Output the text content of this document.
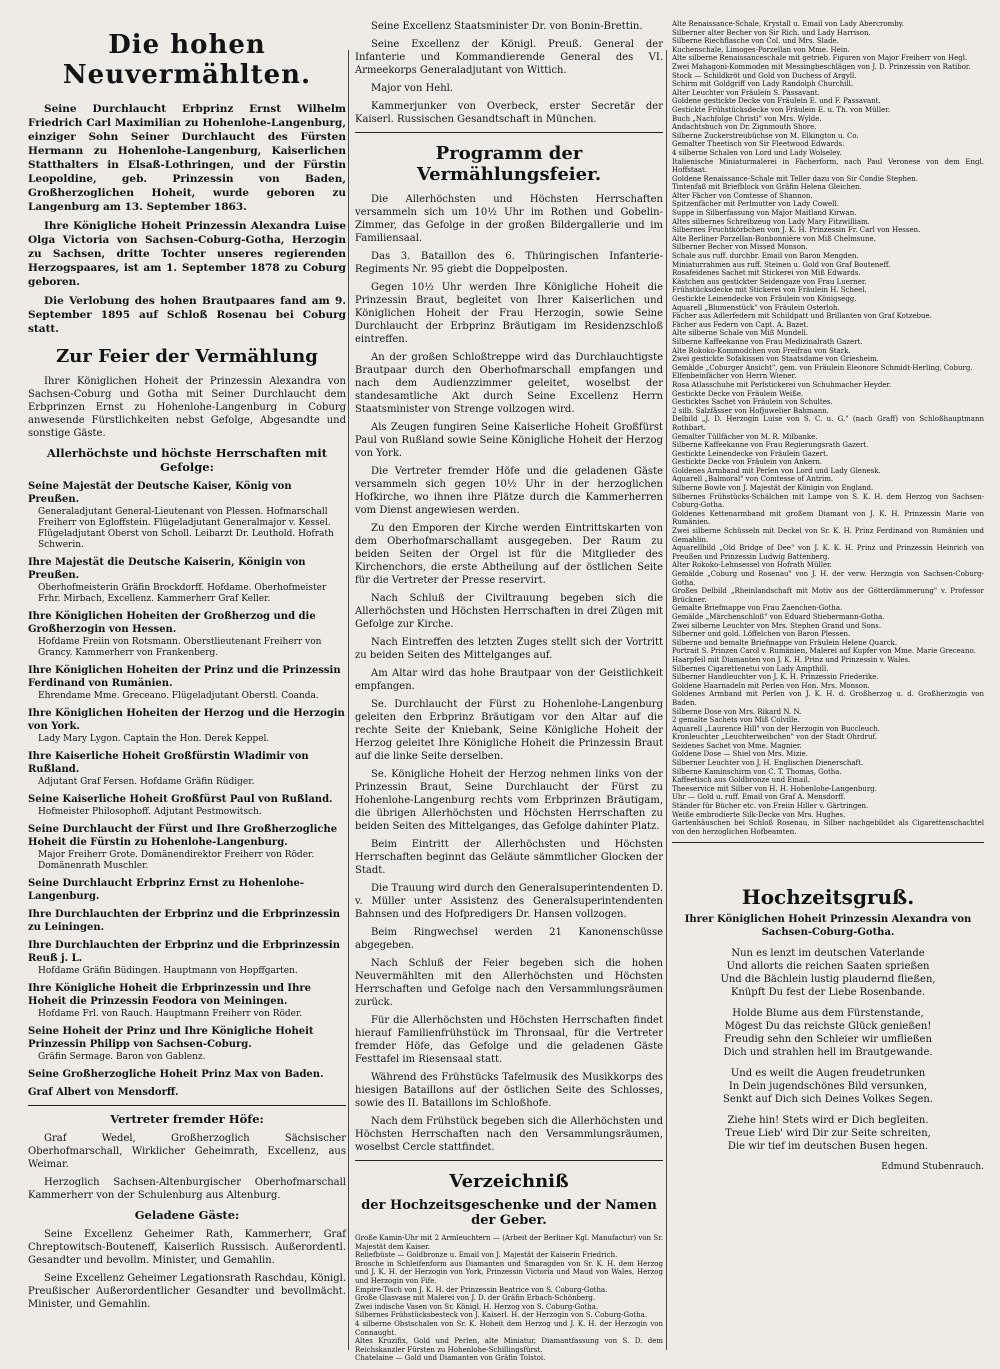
Die hohen Neuvermählten.

Seine Durchlaucht Erbprinz Ernst Wilhelm Friedrich Carl Maximilian zu Hohenlohe-Langenburg, einziger Sohn Seiner Durchlaucht des Fürsten Hermann zu Hohenlohe-Langenburg, Kaiserlichen Statthalters in Elsaß-Lothringen, und der Fürstin Leopoldine, geb. Prinzessin von Baden, Großherzoglichen Hoheit, wurde geboren zu Langenburg am 13. September 1863.

Ihre Königliche Hoheit Prinzessin Alexandra Luise Olga Victoria von Sachsen-Coburg-Gotha, Herzogin zu Sachsen, dritte Tochter unseres regierenden Herzogspaares, ist am 1. September 1878 zu Coburg geboren.

Die Verlobung des hohen Brautpaares fand am 9. September 1895 auf Schloß Rosenau bei Coburg statt.

Zur Feier der Vermählung

Ihrer Königlichen Hoheit der Prinzessin Alexandra von Sachsen-Coburg und Gotha mit Seiner Durchlaucht dem Erbprinzen Ernst zu Hohenlohe-Langenburg in Coburg anwesende Fürstlichkeiten nebst Gefolge, Abgesandte und sonstige Gäste.

Allerhöchste und höchste Herrschaften mit Gefolge:
Seine Majestät der Deutsche Kaiser, König von Preußen.
Generaladjutant General-Lieutenant von Plessen. Hofmarschall Freiherr von Egloffstein. Flügeladjutant Generalmajor v. Kessel. Flügeladjutant Oberst von Scholl. Leibarzt Dr. Leuthold. Hofrath Schwerin.
Ihre Majestät die Deutsche Kaiserin, Königin von Preußen.
Oberhofmeisterin Gräfin Brockdorff. Hofdame. Oberhofmeister Frhr. Mirbach, Excellenz. Kammerherr Graf Keller.
Ihre Königlichen Hoheiten der Großherzog und die Großherzogin von Hessen.
Hofdame Freiin von Rotsmann. Oberstlieutenant Freiherr von Grancy. Kammerherr von Frankenberg.
Ihre Königlichen Hoheiten der Prinz und die Prinzessin Ferdinand von Rumänien.
Ehrendame Mme. Greceano. Flügeladjutant Oberstl. Coanda.
Ihre Königlichen Hoheiten der Herzog und die Herzogin von York.
Lady Mary Lygon. Captain the Hon. Derek Keppel.
Ihre Kaiserliche Hoheit Großfürstin Wladimir von Rußland.
Adjutant Graf Fersen. Hofdame Gräfin Rüdiger.
Seine Kaiserliche Hoheit Großfürst Paul von Rußland.
Hofmeister Philosophoff. Adjutant Pestmowitsch.
Seine Durchlaucht der Fürst und Ihre Großherzogliche Hoheit die Fürstin zu Hohenlohe-Langenburg.
Major Freiherr Grote. Domänendirektor Freiherr von Röder. Domänenrath Muschler.
Seine Durchlaucht Erbprinz Ernst zu Hohenlohe-Langenburg.
Ihre Durchlauchten der Erbprinz und die Erbprinzessin zu Leiningen.
Ihre Durchlauchten der Erbprinz und die Erbprinzessin Reuß j. L.
Hofdame Gräfin Büdingen. Hauptmann von Hopffgarten.
Ihre Königliche Hoheit die Erbprinzessin und Ihre Hoheit die Prinzessin Feodora von Meiningen.
Hofdame Frl. von Rauch. Hauptmann Freiherr von Röder.
Seine Hoheit der Prinz und Ihre Königliche Hoheit Prinzessin Philipp von Sachsen-Coburg.
Gräfin Sermage. Baron von Gablenz.
Seine Großherzogliche Hoheit Prinz Max von Baden.
Graf Albert von Mensdorff.
Vertreter fremder Höfe:

Graf Wedel, Großherzoglich Sächsischer Oberhofmarschall, Wirklicher Geheimrath, Excellenz, aus Weimar.

Herzoglich Sachsen-Altenburgischer Oberhofmarschall Kammerherr von der Schulenburg aus Altenburg.

Geladene Gäste:

Seine Excellenz Geheimer Rath, Kammerherr, Graf Chreptowitsch-Bouteneff, Kaiserlich Russisch. Außerordentl. Gesandter und bevollm. Minister, und Gemahlin.

Seine Excellenz Geheimer Legationsrath Raschdau, Königl. Preußischer Außerordentlicher Gesandter und bevollmächt. Minister, und Gemahlin.

Seine Excellenz Staatsminister Dr. von Bonin-Brettin.

Seine Excellenz der Königl. Preuß. General der Infanterie und Kommandierende General des VI. Armeekorps Generaladjutant von Wittich.

Major von Hehl.

Kammerjunker von Overbeck, erster Secretär der Kaiserl. Russischen Gesandtschaft in München.

Programm der Vermählungsfeier.

Die Allerhöchsten und Höchsten Herrschaften versammeln sich um 10½ Uhr im Rothen und Gobelin-Zimmer, das Gefolge in der großen Bildergallerie und im Familiensaal.

Das 3. Bataillon des 6. Thüringischen Infanterie-Regiments Nr. 95 giebt die Doppelposten.

Gegen 10½ Uhr werden Ihre Königliche Hoheit die Prinzessin Braut, begleitet von Ihrer Kaiserlichen und Königlichen Hoheit der Frau Herzogin, sowie Seine Durchlaucht der Erbprinz Bräutigam im Residenzschloß eintreffen.

An der großen Schloßtreppe wird das Durchlauchtigste Brautpaar durch den Oberhofmarschall empfangen und nach dem Audienzzimmer geleitet, woselbst der standesamtliche Akt durch Seine Excellenz Herrn Staatsminister von Strenge vollzogen wird.

Als Zeugen fungiren Seine Kaiserliche Hoheit Großfürst Paul von Rußland sowie Seine Königliche Hoheit der Herzog von York.

Die Vertreter fremder Höfe und die geladenen Gäste versammeln sich gegen 10½ Uhr in der herzoglichen Hofkirche, wo ihnen ihre Plätze durch die Kammerherren vom Dienst angewiesen werden.

Zu den Emporen der Kirche werden Eintrittskarten von dem Oberhofmarschallamt ausgegeben. Der Raum zu beiden Seiten der Orgel ist für die Mitglieder des Kirchenchors, die erste Abtheilung auf der östlichen Seite für die Vertreter der Presse reservirt.

Nach Schluß der Civiltrauung begeben sich die Allerhöchsten und Höchsten Herrschaften in drei Zügen mit Gefolge zur Kirche.

Nach Eintreffen des letzten Zuges stellt sich der Vortritt zu beiden Seiten des Mittelganges auf.

Am Altar wird das hohe Brautpaar von der Geistlichkeit empfangen.

Se. Durchlaucht der Fürst zu Hohenlohe-Langenburg geleiten den Erbprinz Bräutigam vor den Altar auf die rechte Seite der Kniebank, Seine Königliche Hoheit der Herzog geleitet Ihre Königliche Hoheit die Prinzessin Braut auf die linke Seite derselben.

Se. Königliche Hoheit der Herzog nehmen links von der Prinzessin Braut, Seine Durchlaucht der Fürst zu Hohenlohe-Langenburg rechts vom Erbprinzen Bräutigam, die übrigen Allerhöchsten und Höchsten Herrschaften zu beiden Seiten des Mittelganges, das Gefolge dahinter Platz.

Beim Eintritt der Allerhöchsten und Höchsten Herrschaften beginnt das Geläute sämmtlicher Glocken der Stadt.

Die Trauung wird durch den Generalsuperintendenten D. v. Müller unter Assistenz des Generalsuperintendenten Bahnsen und des Hofpredigers Dr. Hansen vollzogen.

Beim Ringwechsel werden 21 Kanonenschüsse abgegeben.

Nach Schluß der Feier begeben sich die hohen Neuvermählten mit den Allerhöchsten und Höchsten Herrschaften und Gefolge nach den Versammlungsräumen zurück.

Für die Allerhöchsten und Höchsten Herrschaften findet hierauf Familienfrühstück im Thronsaal, für die Vertreter fremder Höfe, das Gefolge und die geladenen Gäste Festtafel im Riesensaal statt.

Während des Frühstücks Tafelmusik des Musikkorps des hiesigen Bataillons auf der östlichen Seite des Schlosses, sowie des II. Bataillons im Schloßhofe.

Nach dem Frühstück begeben sich die Allerhöchsten und Höchsten Herrschaften nach den Versammlungsräumen, woselbst Cercle stattfindet.

Verzeichniß
der Hochzeitsgeschenke und der Namen der Geber.

Große Kamin-Uhr mit 2 Armleuchtern — (Arbeit der Berliner Kgl. Manufactur) von Sr. Majestät dem Kaiser.

Reliefbüste — Goldbronze u. Email von J. Majestät der Kaiserin Friedrich.

Brosche in Schleifenform aus Diamanten und Smaragden von Sr. K. H. dem Herzog und J. K. H. der Herzogin von York, Prinzessin Victoria und Maud von Wales, Herzog und Herzogin von Fife.

Empire-Tisch von J. K. H. der Prinzessin Beatrice von S. Coburg-Gotha.

Große Glasvase mit Malerei von J. D. der Gräfin Erbach-Schönberg.

Zwei indische Vasen von Sr. Königl. H. Herzog von S. Coburg-Gotha.

Silbernes Frühstücksbesteck von J. Kaiserl. H. der Herzogin von S. Coburg-Gotha.

4 silberne Obstschalen von Sr. K. Hoheit dem Herzog und J. K. H. der Herzogin von Connaught.

Altes Kruzifix, Gold und Perlen, alte Miniatur, Diamantfassung von S. D. dem Reichskanzler Fürsten zu Hohenlohe-Schillingsfürst.

Chatelaine — Gold und Diamanten von Gräfin Tolstoi.

Alte Renaissance-Schale, Krystall u. Email von Lady Abercromby.

Silberner alter Becher von Sir Rich. und Lady Harrison.

Silberne Riechflasche von Col. und Mrs. Slade.

Kuchenschale, Limoges-Porzellan von Mme. Hein.

Alte silberne Renaissanceschale mit getrieb. Figuren von Major Freiherr von Hegl.

Zwei Mahagoni-Kommoden mit Messingbeschlägen von J. D. Prinzessin von Ratibor.

Stock — Schildkröt und Gold von Duchess of Argyll.

Schirm mit Goldgriff von Lady Randolph Churchill.

Alter Leuchter von Fräulein S. Passavant.

Goldene gestickte Decke von Fräulein E. und F. Passavant.

Gestickte Frühstücksdecke von Fräulein E. u. Th. von Müller.

Buch „Nachfolge Christi" von Mrs. Wylde.

Andachtsbuch von Dr. Zignmouth Shore.

Silberne Zuckerstreubüchse von M. Elkington u. Co.

Gemalter Theetisch von Sir Fleetwood Edwards.

4 silberne Schalen von Lord und Lady Wolseley.

Italienische Miniaturmalerei in Fächerform, nach Paul Veronese von dem Engl. Hoffstaat.

Goldene Renaissance-Schale mit Teller dazu von Sir Condie Stephen.

Tintenfaß mit Briefblock von Gräfin Helena Gleichen.

Alter Fächer von Comtesse of Shannon.

Spitzenfächer mit Perlmutter von Lady Cowell.

Suppe in Silberfassung von Major Maitland Kirwan.

Altes silbernes Schreibzeug von Lady Mary Fitzwilliam.

Silbernes Fruchtkörbchen von J. K. H. Prinzessin Fr. Carl von Hessen.

Alte Berliner Porzellan-Bonbonnière von Miß Chelmsune.

Silberner Becher von Missed Monson.

Schale aus ruff. durchbr. Email von Baron Mengden.

Miniaturrahmen aus ruff. Steinen u. Gold von Graf Bouteneff.

Rosafeidenes Sachet mit Stickerei von Miß Edwards.

Kästchen aus gestickter Seidengaze von Frau Luerner.

Frühstücksdecke mit Stickerei von Fräulein H. Scheel.

Gestickte Leinendecke von Fräulein von Königsegg.

Aquarell „Blumenstück" von Fräulein Osterloh.

Fächer aus Adlerfedern mit Schildpatt und Brillanten von Graf Kotzebue.

Fächer aus Federn von Capt. A. Bazet.

Alte silberne Schale von Miß Mundell.

Silberne Kaffeekanne von Frau Medizinalrath Gazert.

Alte Rokoko-Kommodchen von Freifrau von Stark.

Zwei gestickte Sofakissen von Staatsdame von Griesheim.

Gemälde „Coburger Ansicht", gem. von Fräulein Eleonore Schmidt-Herling, Coburg.

Elfenbeinfächer von Herrn Wiener.

Rosa Atlasschuhe mit Perlstickerei von Schuhmacher Heyder.

Gestickte Decke von Fräulein Weiße.

Gesticktes Sachet von Fräulein von Schultes.

2 silb. Salzfässer von Hofjuwelier Bahmann.

Delbild „J. D. Herzogin Luise von S. C. u. G." (nach Graff) von Schloßhauptmann Rothbart.

Gemalter Tüllfächer von M. R. Milbanke.

Silberne Kaffeekanne von Frau Regierungsrath Gazert.

Gestickte Leinendecke von Fräulein Gazert.

Gestickte Decke von Fräulein von Ankern.

Goldenes Armband mit Perlen von Lord und Lady Glenesk.

Aquarell „Balmoral" von Comtesse of Antrim.

Silberne Bowle von J. Majestät der Königin von England.

Silbernes Frühstücks-Schälchen mit Lampe von S. K. H. dem Herzog von Sachsen-Coburg-Gotha.

Goldenes Kettenarmband mit großem Diamant von J. K. H. Prinzessin Marie von Rumänien.

Zwei silberne Schüsseln mit Deckel von Sr. K. H. Prinz Ferdinand von Rumänien und Gemahlin.

Aquarellbild „Old Bridge of Dee" von J. K. K. H. Prinz und Prinzessin Heinrich von Preußen und Prinzessin Ludwig Battenberg.

Alter Rokoko-Lehnsessel von Hofrath Müller.

Gemälde „Coburg und Rosenau" von J. H. der verw. Herzogin von Sachsen-Coburg-Gotha.

Großes Delbild „Rheinlandschaft mit Motiv aus der Götterdämmerung" v. Professor Brückner.

Gemalte Briefmappe von Frau Zaenchen-Gotha.

Gemälde „Märchenschloß" von Eduard Stiebermann-Gotha.

Zwei silberne Leuchter von Mrs. Stephen Grand und Sons.

Silberner und gold. Löffelchen von Baron Plessen.

Silberne und bemalte Briefmappe von Fräulein Helene Quarck.

Portrait S. Prinzen Carol v. Rumänien, Malerei auf Kupfer von Mme. Marie Greceano.

Haarpfeil mit Diamanten von J. K. H. Prinz und Prinzessin v. Wales.

Silbernes Cigarettenetui von Lady Ampthill.

Silberner Handleuchter von J. K. H. Prinzessin Friederike.

Goldene Haarnadeln mit Perlen von Hon. Mrs. Monson.

Goldenes Armband mit Perlen von J. K. H. d. Großherzog u. d. Großherzogin von Baden.

Silberne Dose von Mrs. Rikard N. N.

2 gemalte Sachets von Miß Colville.

Aquarell „Laurence Hill" von der Herzogin von Buccleuch.

Kronleuchter „Leuchterweibchen" von der Stadt Ohrdruf.

Seidenes Sachet von Mme. Magnier.

Goldene Dose — Shiel von Mrs. Mizie.

Silberner Leuchter von J. H. Englischen Dienerschaft.

Silberne Kaminschirm von C. T. Thomas, Gotha.

Kaffeetisch aus Goldbronze und Email.

Theeservice mit Silber von H. H. Hohenlohe-Langenburg.

Uhr — Gold u. ruff. Email von Graf A. Mensdorff.

Ständer für Bücher etc. von Freiin Hiller v. Gärtringen.

Weiße embrodierte Silk-Decke von Mrs. Hughes.

Gartenhäuschen bei Schloß Rosenau, in Silber nachgebildet als Cigarettenschachtel von den herzoglichen Hofbeamten.

Hochzeitsgruß.

Ihrer Königlichen Hoheit Prinzessin Alexandra von Sachsen-Coburg-Gotha.

Nun es lenzt im deutschen Vaterlande
Und allorts die reichen Saaten sprießen
Und die Bächlein lustig plaudernd fließen,
Knüpft Du fest der Liebe Rosenbande.

Holde Blume aus dem Fürstenstande,
Mögest Du das reichste Glück genießen!
Freudig sehn den Schleier wir umfließen
Dich und strahlen hell im Brautgewande.

Und es weilt die Augen freudetrunken
In Dein jugendschönes Bild versunken,
Senkt auf Dich sich Deines Volkes Segen.

Ziehe hin! Stets wird er Dich begleiten.
Treue Lieb' wird Dir zur Seite schreiten,
Die wir tief im deutschen Busen hegen.

Edmund Stubenrauch.
